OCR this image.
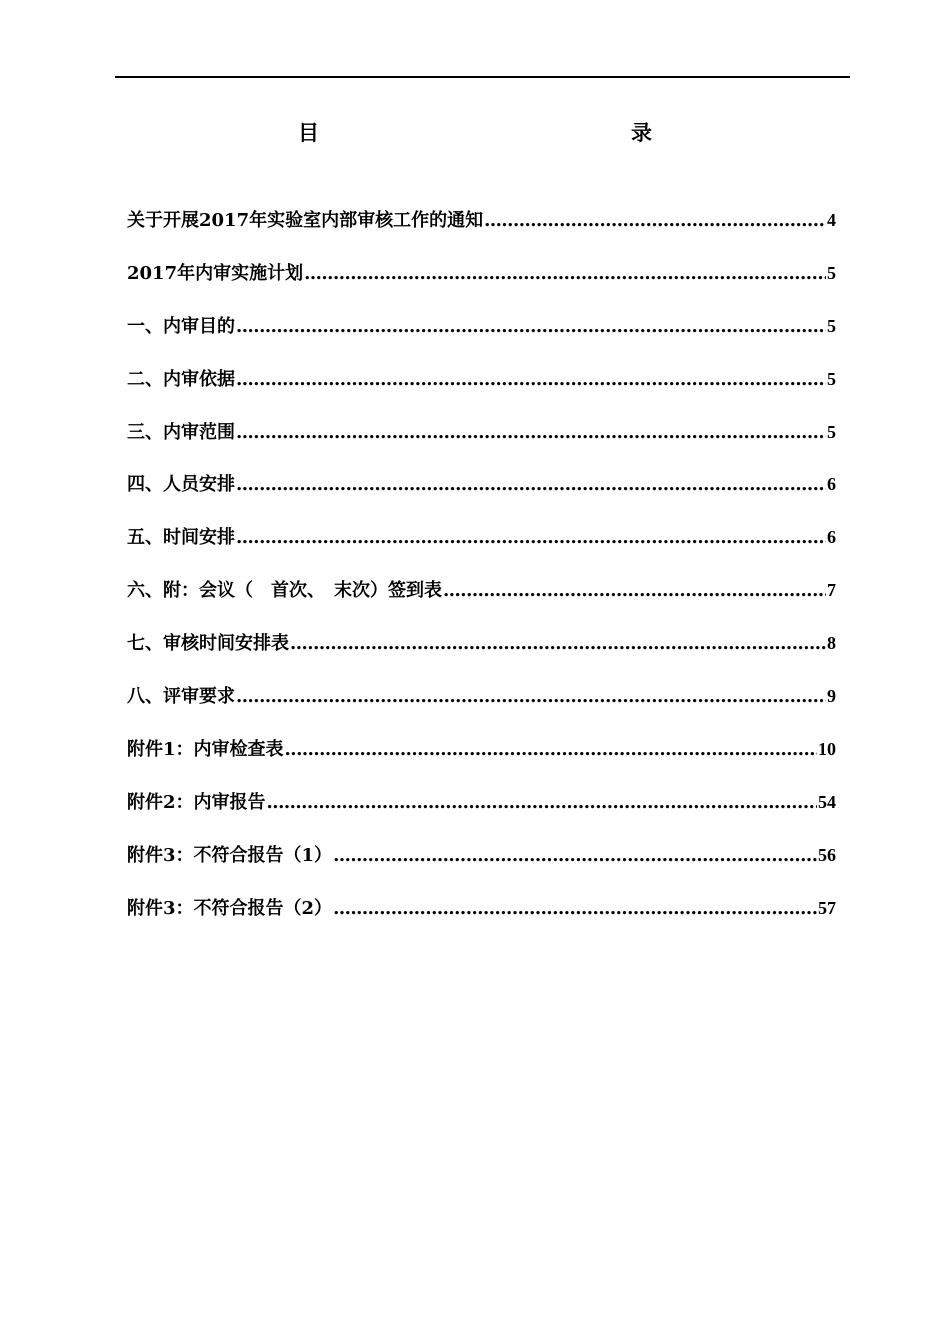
目　　录
关于开展2017年实验室内部审核工作的通知 .....	4
2017年内审实施计划 .....	5
一、内审目的 .....	5
二、内审依据 .....	5
三、内审范围 .....	5
四、人员安排 .....	6
五、时间安排 .....	6
六、附：会议（　首次、　末次）签到表 .....	7
七、审核时间安排表 .....	8
八、评审要求 .....	9
附件1：内审检查表 .....	10
附件2：内审报告 .....	54
附件3：不符合报告（1） .....	56
附件3：不符合报告（2） .....	57
